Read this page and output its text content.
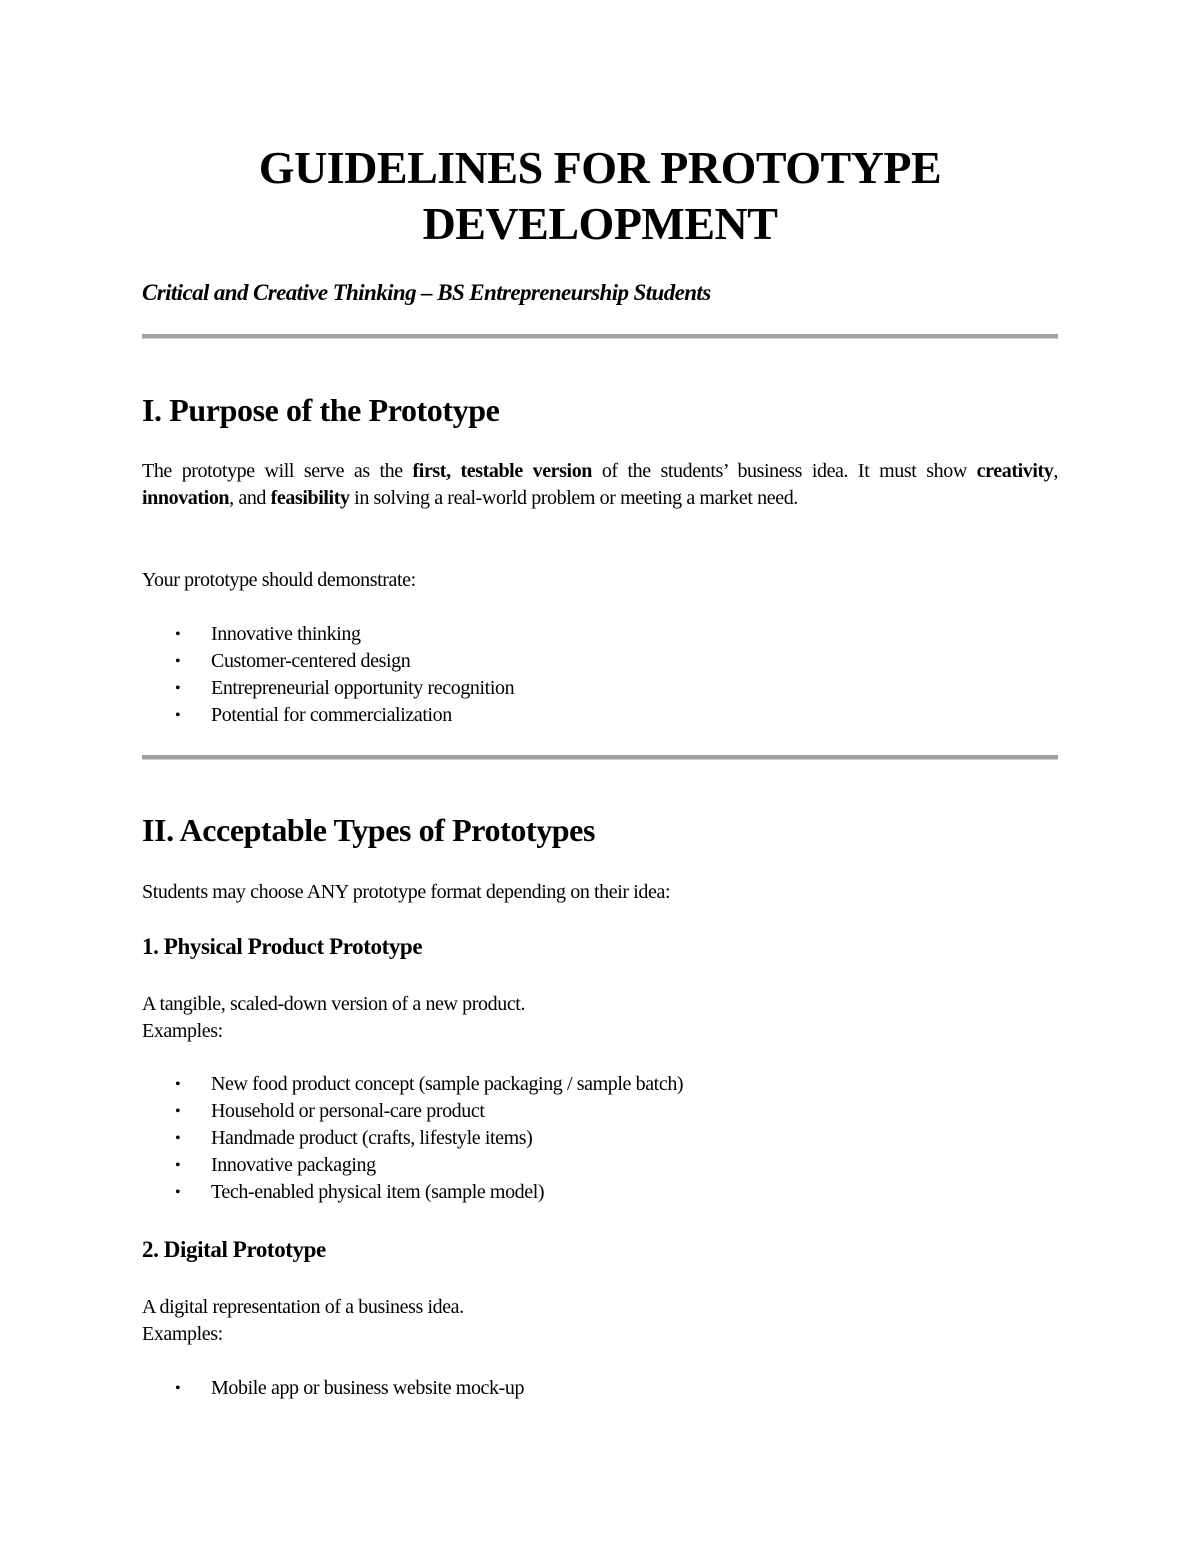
GUIDELINES FOR PROTOTYPE
DEVELOPMENT
Critical and Creative Thinking – BS Entrepreneurship Students
I. Purpose of the Prototype
The prototype will serve as the first, testable version of the students’ business idea. It must show creativity, innovation, and feasibility in solving a real-world problem or meeting a market need.
Your prototype should demonstrate:
• Innovative thinking
• Customer-centered design
• Entrepreneurial opportunity recognition
• Potential for commercialization
II. Acceptable Types of Prototypes
Students may choose ANY prototype format depending on their idea:
1. Physical Product Prototype
A tangible, scaled-down version of a new product.
Examples:
• New food product concept (sample packaging / sample batch)
• Household or personal-care product
• Handmade product (crafts, lifestyle items)
• Innovative packaging
• Tech-enabled physical item (sample model)
2. Digital Prototype
A digital representation of a business idea.
Examples:
• Mobile app or business website mock-up
